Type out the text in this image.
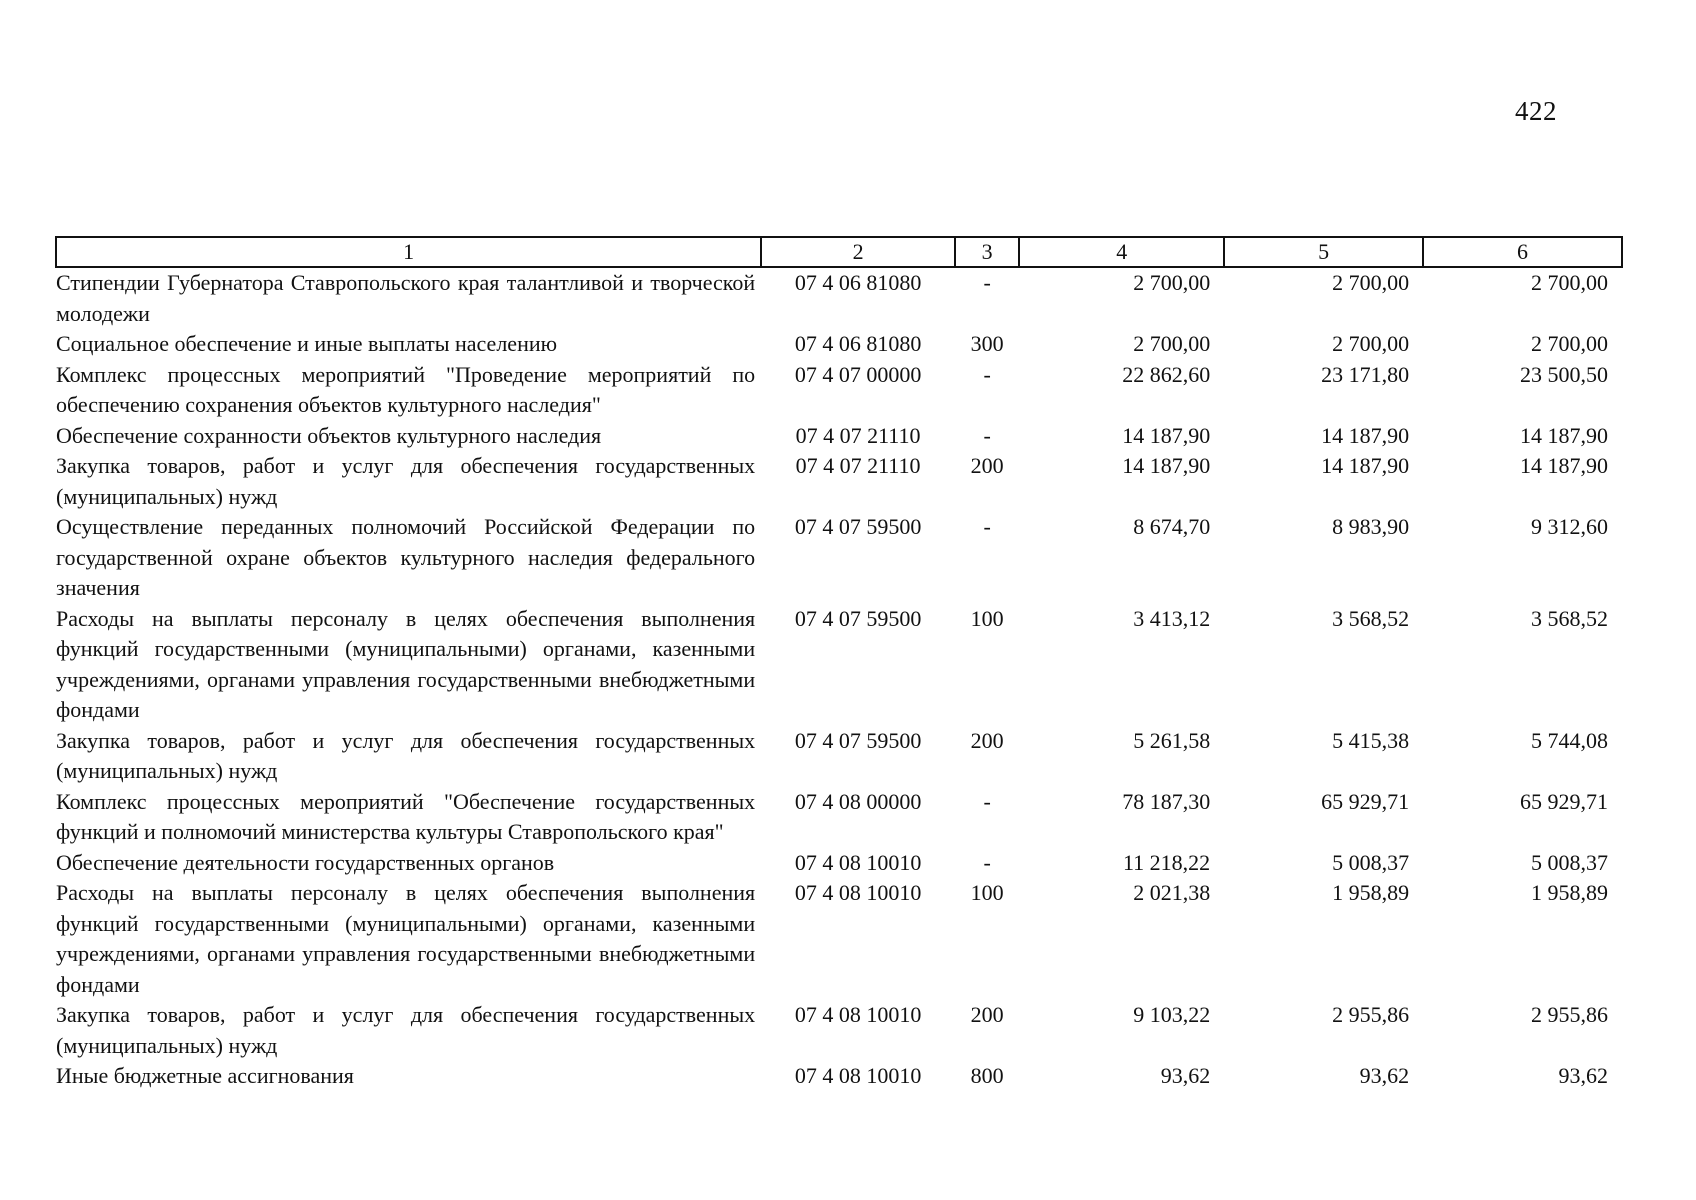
422
1	2	3	4	5	6
Стипендии Губернатора Ставропольского края талантливой и творческой молодежи	07 4 06 81080	-	2 700,00	2 700,00	2 700,00
Социальное обеспечение и иные выплаты населению	07 4 06 81080	300	2 700,00	2 700,00	2 700,00
Комплекс процессных мероприятий "Проведение мероприятий по обеспечению сохранения объектов культурного наследия"	07 4 07 00000	-	22 862,60	23 171,80	23 500,50
Обеспечение сохранности объектов культурного наследия	07 4 07 21110	-	14 187,90	14 187,90	14 187,90
Закупка товаров, работ и услуг для обеспечения государственных (муниципальных) нужд	07 4 07 21110	200	14 187,90	14 187,90	14 187,90
Осуществление переданных полномочий Российской Федерации по государственной охране объектов культурного наследия федерального значения	07 4 07 59500	-	8 674,70	8 983,90	9 312,60
Расходы на выплаты персоналу в целях обеспечения выполнения функций государственными (муниципальными) органами, казенными учреждениями, органами управления государственными внебюджетными фондами	07 4 07 59500	100	3 413,12	3 568,52	3 568,52
Закупка товаров, работ и услуг для обеспечения государственных (муниципальных) нужд	07 4 07 59500	200	5 261,58	5 415,38	5 744,08
Комплекс процессных мероприятий "Обеспечение государственных функций и полномочий министерства культуры Ставропольского края"	07 4 08 00000	-	78 187,30	65 929,71	65 929,71
Обеспечение деятельности государственных органов	07 4 08 10010	-	11 218,22	5 008,37	5 008,37
Расходы на выплаты персоналу в целях обеспечения выполнения функций государственными (муниципальными) органами, казенными учреждениями, органами управления государственными внебюджетными фондами	07 4 08 10010	100	2 021,38	1 958,89	1 958,89
Закупка товаров, работ и услуг для обеспечения государственных (муниципальных) нужд	07 4 08 10010	200	9 103,22	2 955,86	2 955,86
Иные бюджетные ассигнования	07 4 08 10010	800	93,62	93,62	93,62
